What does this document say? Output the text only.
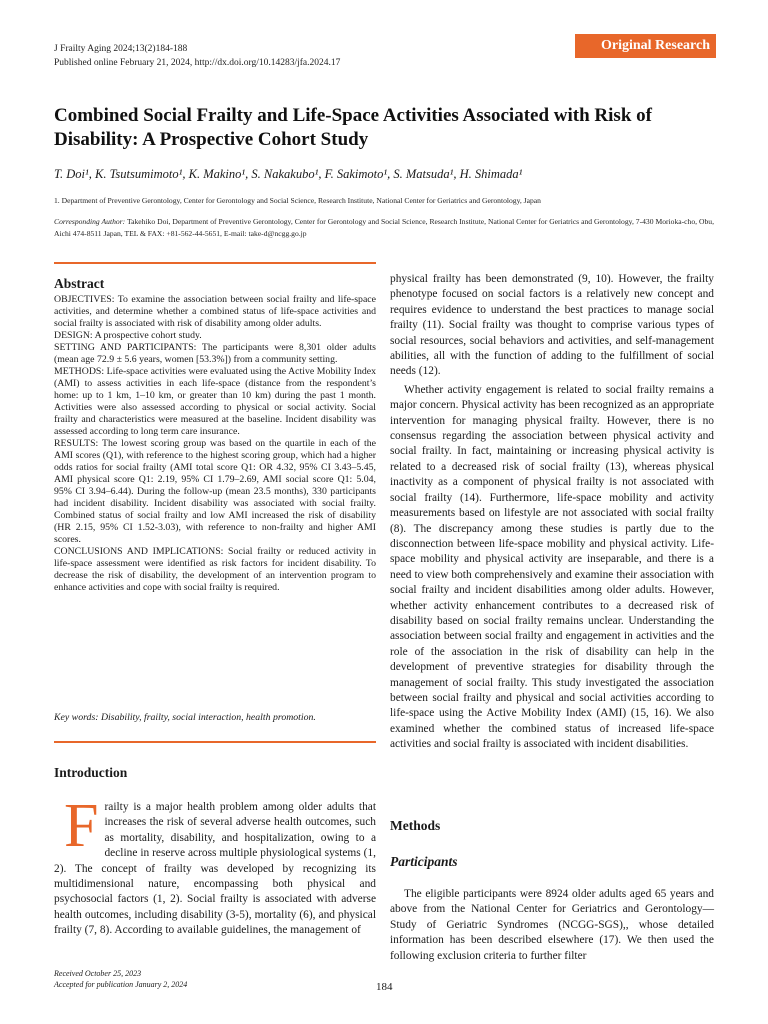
J Frailty Aging 2024;13(2)184-188
Published online February 21, 2024, http://dx.doi.org/10.14283/jfa.2024.17
Original Research
Combined Social Frailty and Life-Space Activities Associated with Risk of Disability: A Prospective Cohort Study
T. Doi¹, K. Tsutsumimoto¹, K. Makino¹, S. Nakakubo¹, F. Sakimoto¹, S. Matsuda¹, H. Shimada¹
1. Department of Preventive Gerontology, Center for Gerontology and Social Science, Research Institute, National Center for Geriatrics and Gerontology, Japan
Corresponding Author: Takehiko Doi, Department of Preventive Gerontology, Center for Gerontology and Social Science, Research Institute, National Center for Geriatrics and Gerontology, 7-430 Morioka-cho, Obu, Aichi 474-8511 Japan, TEL & FAX: +81-562-44-5651, E-mail: take-d@ncgg.go.jp
Abstract

OBJECTIVES: To examine the association between social frailty and life-space activities, and determine whether a combined status of life-space activities and social frailty is associated with risk of disability among older adults.

DESIGN: A prospective cohort study.

SETTING AND PARTICIPANTS: The participants were 8,301 older adults (mean age 72.9 ± 5.6 years, women [53.3%]) from a community setting.

METHODS: Life-space activities were evaluated using the Active Mobility Index (AMI) to assess activities in each life-space (distance from the respondent’s home: up to 1 km, 1–10 km, or greater than 10 km) during the past 1 month. Activities were also assessed according to physical or social activity. Social frailty and characteristics were measured at the baseline. Incident disability was assessed according to long term care insurance.

RESULTS: The lowest scoring group was based on the quartile in each of the AMI scores (Q1), with reference to the highest scoring group, which had a higher odds ratios for social frailty (AMI total score Q1: OR 4.32, 95% CI 3.43–5.45, AMI physical score Q1: 2.19, 95% CI 1.79–2.69, AMI social score Q1: 5.04, 95% CI 3.94–6.44). During the follow-up (mean 23.5 months), 330 participants had incident disability. Incident disability was associated with social frailty. Combined status of social frailty and low AMI increased the risk of disability (HR 2.15, 95% CI 1.52-3.03), with reference to non-frailty and higher AMI scores.

CONCLUSIONS AND IMPLICATIONS: Social frailty or reduced activity in life-space assessment were identified as risk factors for incident disability. To decrease the risk of disability, the development of an intervention program to enhance activities and cope with social frailty is required.

Key words: Disability, frailty, social interaction, health promotion.
Introduction
Frailty is a major health problem among older adults that increases the risk of several adverse health outcomes, such as mortality, disability, and hospitalization, owing to a decline in reserve across multiple physiological systems (1, 2). The concept of frailty was developed by recognizing its multidimensional nature, encompassing both physical and psychosocial factors (1, 2). Social frailty is associated with adverse health outcomes, including disability (3-5), mortality (6), and physical frailty (7, 8). According to available guidelines, the management of

physical frailty has been demonstrated (9, 10). However, the frailty phenotype focused on social factors is a relatively new concept and requires evidence to understand the best practices to manage social frailty (11). Social frailty was thought to comprise various types of social resources, social behaviors and activities, and self-management abilities, all with the function of adding to the fulfillment of social needs (12).

Whether activity engagement is related to social frailty remains a major concern. Physical activity has been recognized as an appropriate intervention for managing physical frailty. However, there is no consensus regarding the association between physical activity and social frailty. In fact, maintaining or increasing physical activity is related to a decreased risk of social frailty (13), whereas physical inactivity as a component of physical frailty is not associated with social frailty (14). Furthermore, life-space mobility and activity measurements based on lifestyle are not associated with social frailty (8). The discrepancy among these studies is partly due to the disconnection between life-space mobility and physical activity. Life-space mobility and physical activity are inseparable, and there is a need to view both comprehensively and examine their association with social frailty and incident disabilities among older adults. However, whether activity enhancement contributes to a decreased risk of disability based on social frailty remains unclear. Understanding the association between social frailty and engagement in activities and the role of the association in the risk of disability can help in the development of preventive strategies for disability through the management of social frailty. This study investigated the association between social frailty and physical and social activities according to life-space using the Active Mobility Index (AMI) (15, 16). We also examined whether the combined status of increased life-space activities and social frailty is associated with incident disabilities.

Methods
Participants

The eligible participants were 8924 older adults aged 65 years and above from the National Center for Geriatrics and Gerontology—Study of Geriatric Syndromes (NCGG-SGS),, whose detailed information has been described elsewhere (17). We then used the following exclusion criteria to further filter

Received October 25, 2023
Accepted for publication January 2, 2024	184
